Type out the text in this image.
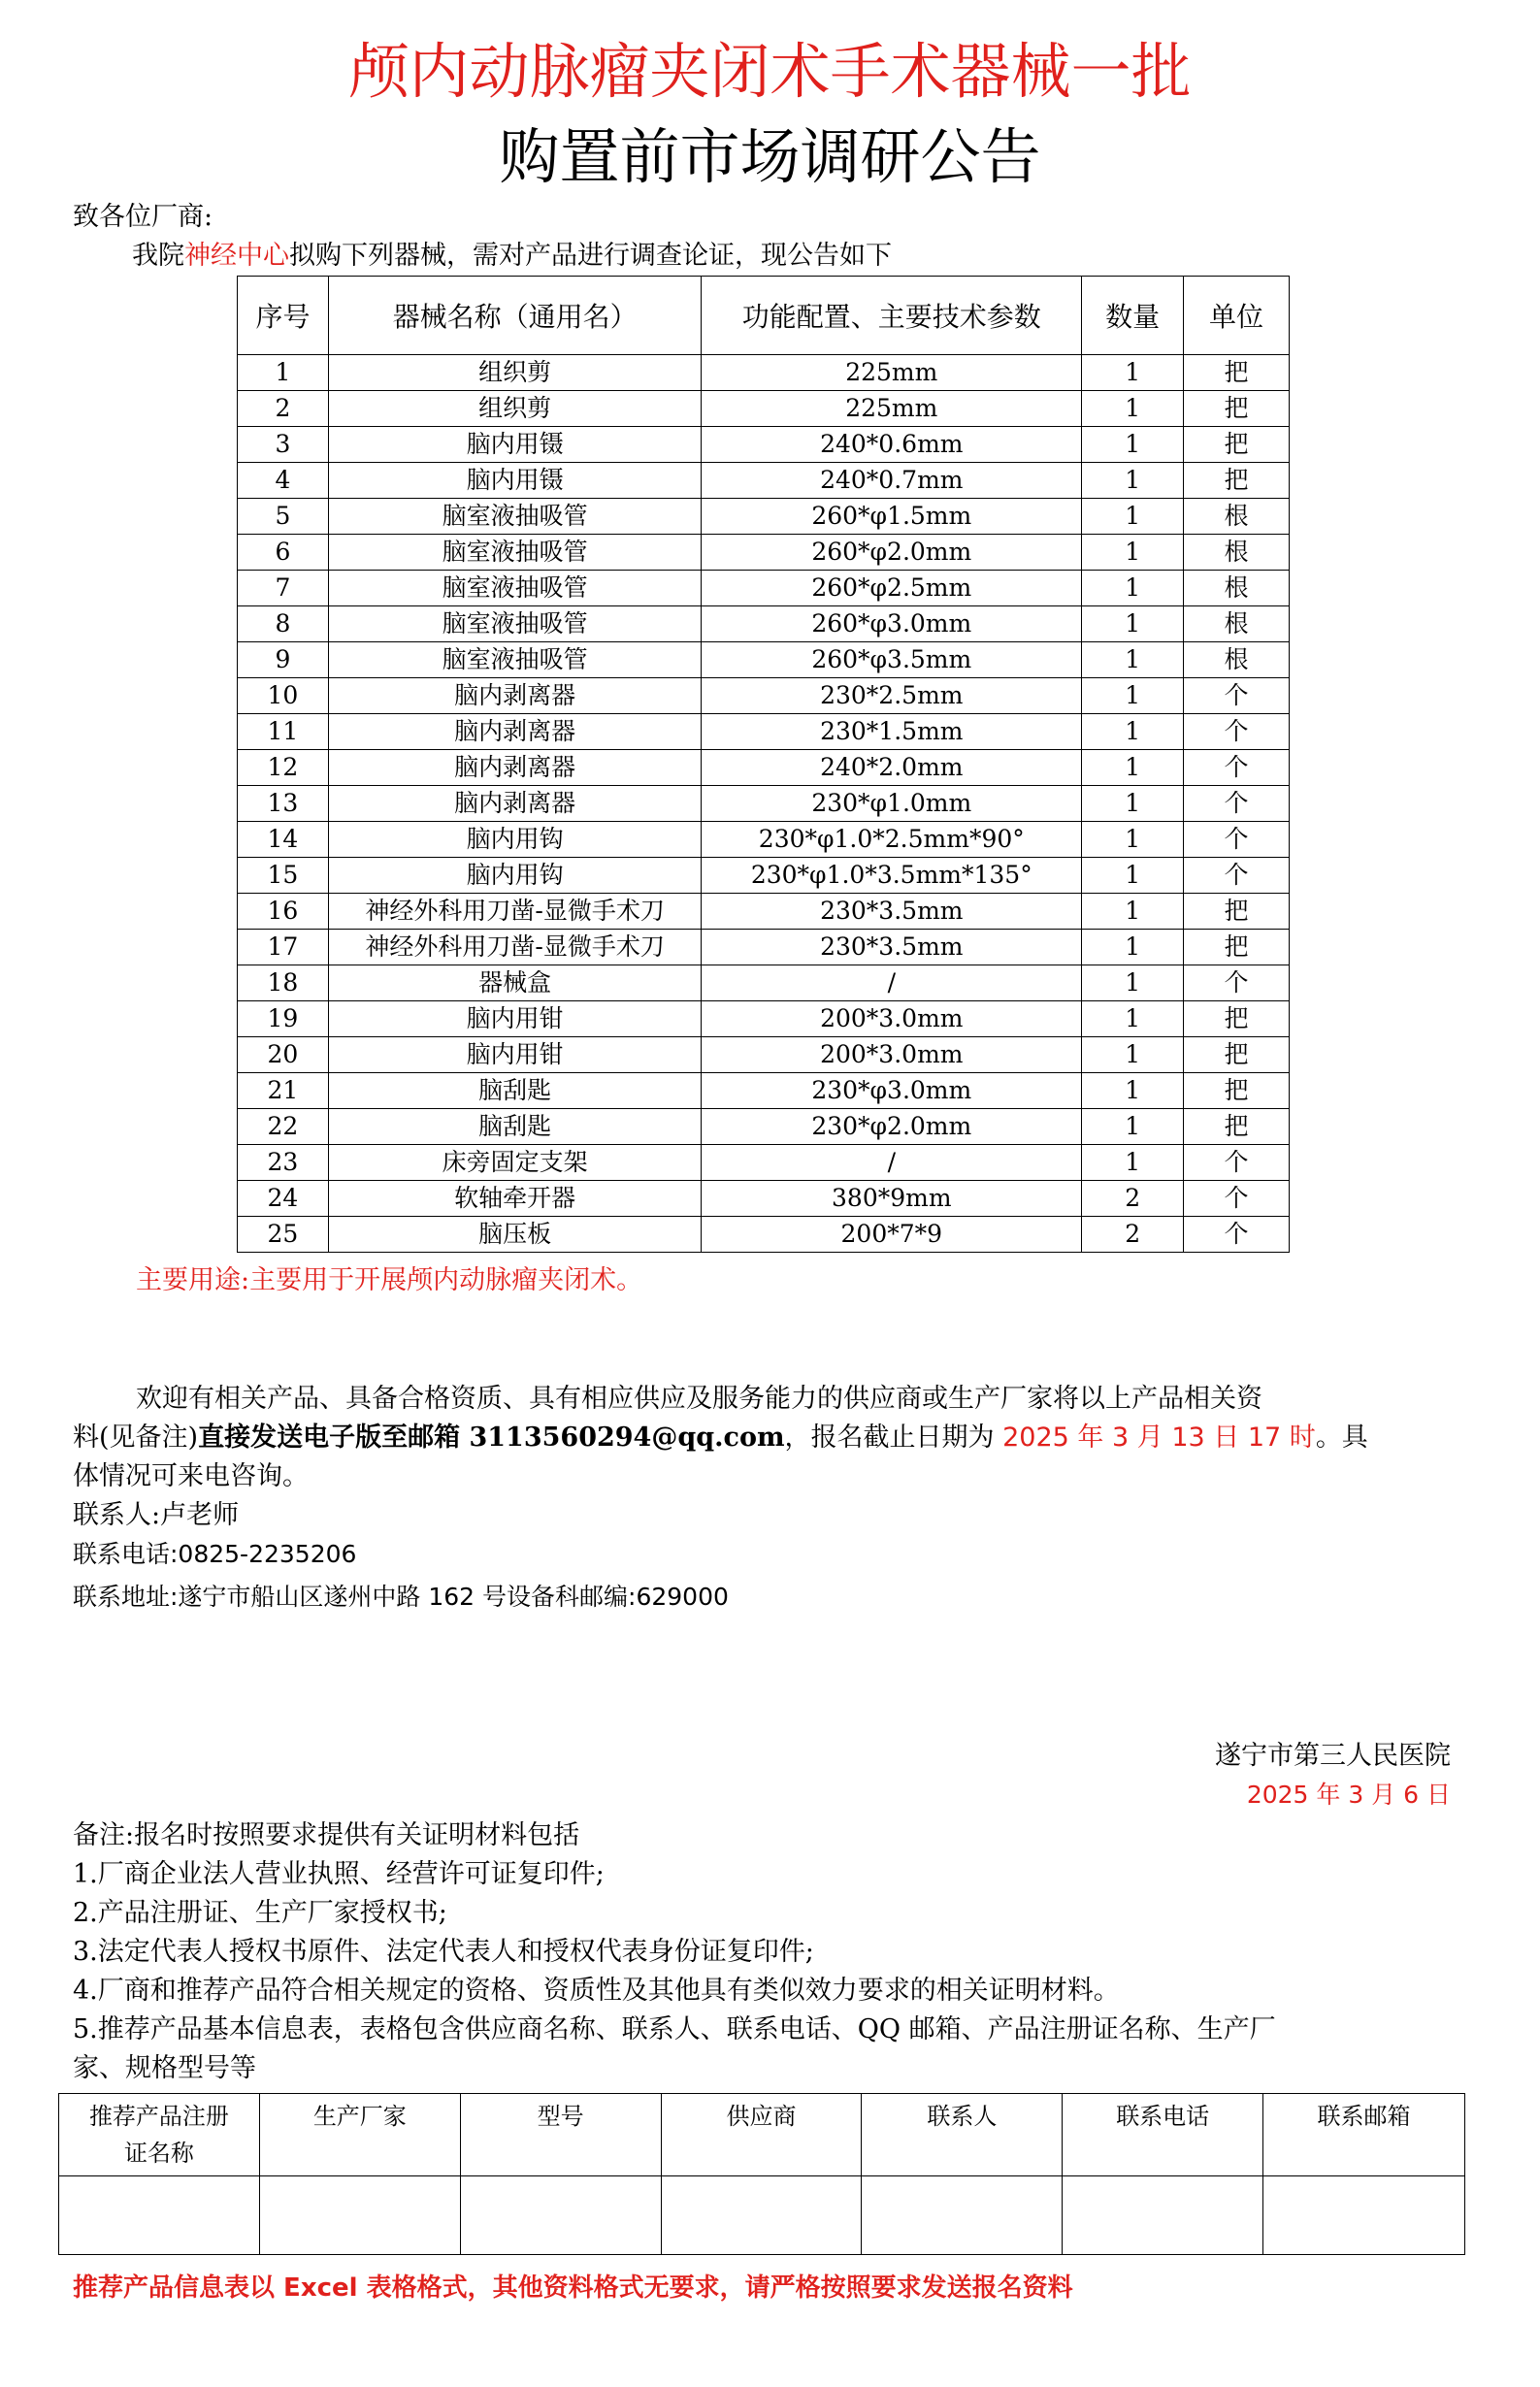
颅内动脉瘤夹闭术手术器械一批
购置前市场调研公告
致各位厂商:
我院神经中心拟购下列器械，需对产品进行调查论证，现公告如下
序号	器械名称（通用名）	功能配置、主要技术参数	数量	单位
1	组织剪	225mm	1	把
2	组织剪	225mm	1	把
3	脑内用镊	240*0.6mm	1	把
4	脑内用镊	240*0.7mm	1	把
5	脑室液抽吸管	260*φ1.5mm	1	根
6	脑室液抽吸管	260*φ2.0mm	1	根
7	脑室液抽吸管	260*φ2.5mm	1	根
8	脑室液抽吸管	260*φ3.0mm	1	根
9	脑室液抽吸管	260*φ3.5mm	1	根
10	脑内剥离器	230*2.5mm	1	个
11	脑内剥离器	230*1.5mm	1	个
12	脑内剥离器	240*2.0mm	1	个
13	脑内剥离器	230*φ1.0mm	1	个
14	脑内用钩	230*φ1.0*2.5mm*90°	1	个
15	脑内用钩	230*φ1.0*3.5mm*135°	1	个
16	神经外科用刀凿-显微手术刀	230*3.5mm	1	把
17	神经外科用刀凿-显微手术刀	230*3.5mm	1	把
18	器械盒	/	1	个
19	脑内用钳	200*3.0mm	1	把
20	脑内用钳	200*3.0mm	1	把
21	脑刮匙	230*φ3.0mm	1	把
22	脑刮匙	230*φ2.0mm	1	把
23	床旁固定支架	/	1	个
24	软轴牵开器	380*9mm	2	个
25	脑压板	200*7*9	2	个
主要用途:主要用于开展颅内动脉瘤夹闭术。
欢迎有相关产品、具备合格资质、具有相应供应及服务能力的供应商或生产厂家将以上产品相关资
料(见备注)直接发送电子版至邮箱 3113560294@qq.com，报名截止日期为 2025 年 3 月 13 日 17 时。具
体情况可来电咨询。
联系人:卢老师
联系电话:0825-2235206
联系地址:遂宁市船山区遂州中路 162 号设备科邮编:629000
遂宁市第三人民医院
2025 年 3 月 6 日
备注:报名时按照要求提供有关证明材料包括
1.厂商企业法人营业执照、经营许可证复印件;
2.产品注册证、生产厂家授权书;
3.法定代表人授权书原件、法定代表人和授权代表身份证复印件;
4.厂商和推荐产品符合相关规定的资格、资质性及其他具有类似效力要求的相关证明材料。
5.推荐产品基本信息表，表格包含供应商名称、联系人、联系电话、QQ 邮箱、产品注册证名称、生产厂
家、规格型号等
推荐产品注册证名称	生产厂家	型号	供应商	联系人	联系电话	联系邮箱

推荐产品信息表以 Excel 表格格式，其他资料格式无要求，请严格按照要求发送报名资料
